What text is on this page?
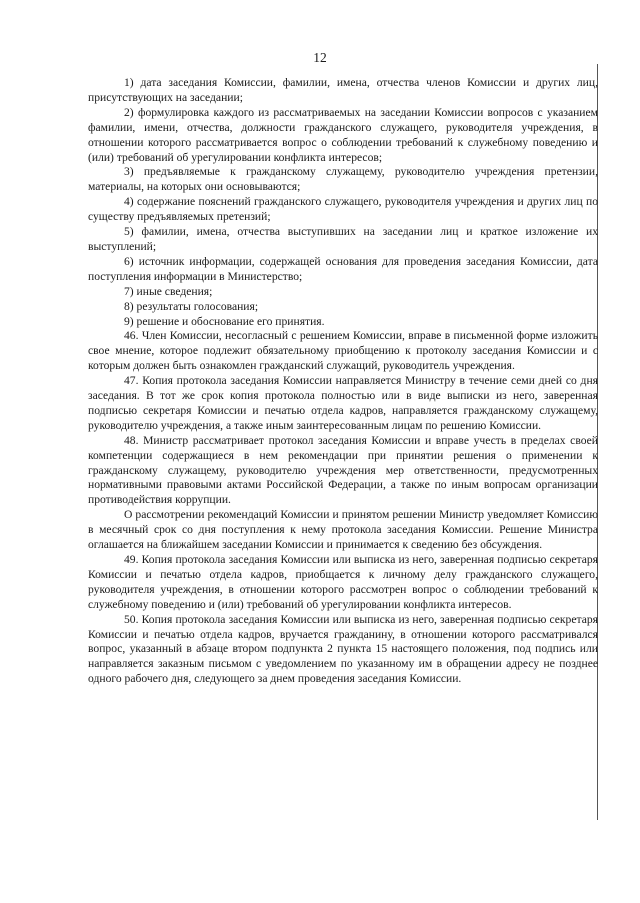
12

1) дата заседания Комиссии, фамилии, имена, отчества членов Комиссии и других лиц, присутствующих на заседании;

2) формулировка каждого из рассматриваемых на заседании Комиссии вопросов с указанием фамилии, имени, отчества, должности гражданского служащего, руководителя учреждения, в отношении которого рассматривается вопрос о соблюдении требований к служебному поведению и (или) требований об урегулировании конфликта интересов;

3) предъявляемые к гражданскому служащему, руководителю учреждения претензии, материалы, на которых они основываются;

4) содержание пояснений гражданского служащего, руководителя учреждения и других лиц по существу предъявляемых претензий;

5) фамилии, имена, отчества выступивших на заседании лиц и краткое изложение их выступлений;

6) источник информации, содержащей основания для проведения заседания Комиссии, дата поступления информации в Министерство;

7) иные сведения;

8) результаты голосования;

9) решение и обоснование его принятия.

46. Член Комиссии, несогласный с решением Комиссии, вправе в письменной форме изложить свое мнение, которое подлежит обязательному приобщению к протоколу заседания Комиссии и с которым должен быть ознакомлен гражданский служащий, руководитель учреждения.

47. Копия протокола заседания Комиссии направляется Министру в течение семи дней со дня заседания. В тот же срок копия протокола полностью или в виде выписки из него, заверенная подписью секретаря Комиссии и печатью отдела кадров, направляется гражданскому служащему, руководителю учреждения, а также иным заинтересованным лицам по решению Комиссии.

48. Министр рассматривает протокол заседания Комиссии и вправе учесть в пределах своей компетенции содержащиеся в нем рекомендации при принятии решения о применении к гражданскому служащему, руководителю учреждения мер ответственности, предусмотренных нормативными правовыми актами Российской Федерации, а также по иным вопросам организации противодействия коррупции.

О рассмотрении рекомендаций Комиссии и принятом решении Министр уведомляет Комиссию в месячный срок со дня поступления к нему протокола заседания Комиссии. Решение Министра оглашается на ближайшем заседании Комиссии и принимается к сведению без обсуждения.

49. Копия протокола заседания Комиссии или выписка из него, заверенная подписью секретаря Комиссии и печатью отдела кадров, приобщается к личному делу гражданского служащего, руководителя учреждения, в отношении которого рассмотрен вопрос о соблюдении требований к служебному поведению и (или) требований об урегулировании конфликта интересов.

50. Копия протокола заседания Комиссии или выписка из него, заверенная подписью секретаря Комиссии и печатью отдела кадров, вручается гражданину, в отношении которого рассматривался вопрос, указанный в абзаце втором подпункта 2 пункта 15 настоящего положения, под подпись или направляется заказным письмом с уведомлением по указанному им в обращении адресу не позднее одного рабочего дня, следующего за днем проведения заседания Комиссии.
